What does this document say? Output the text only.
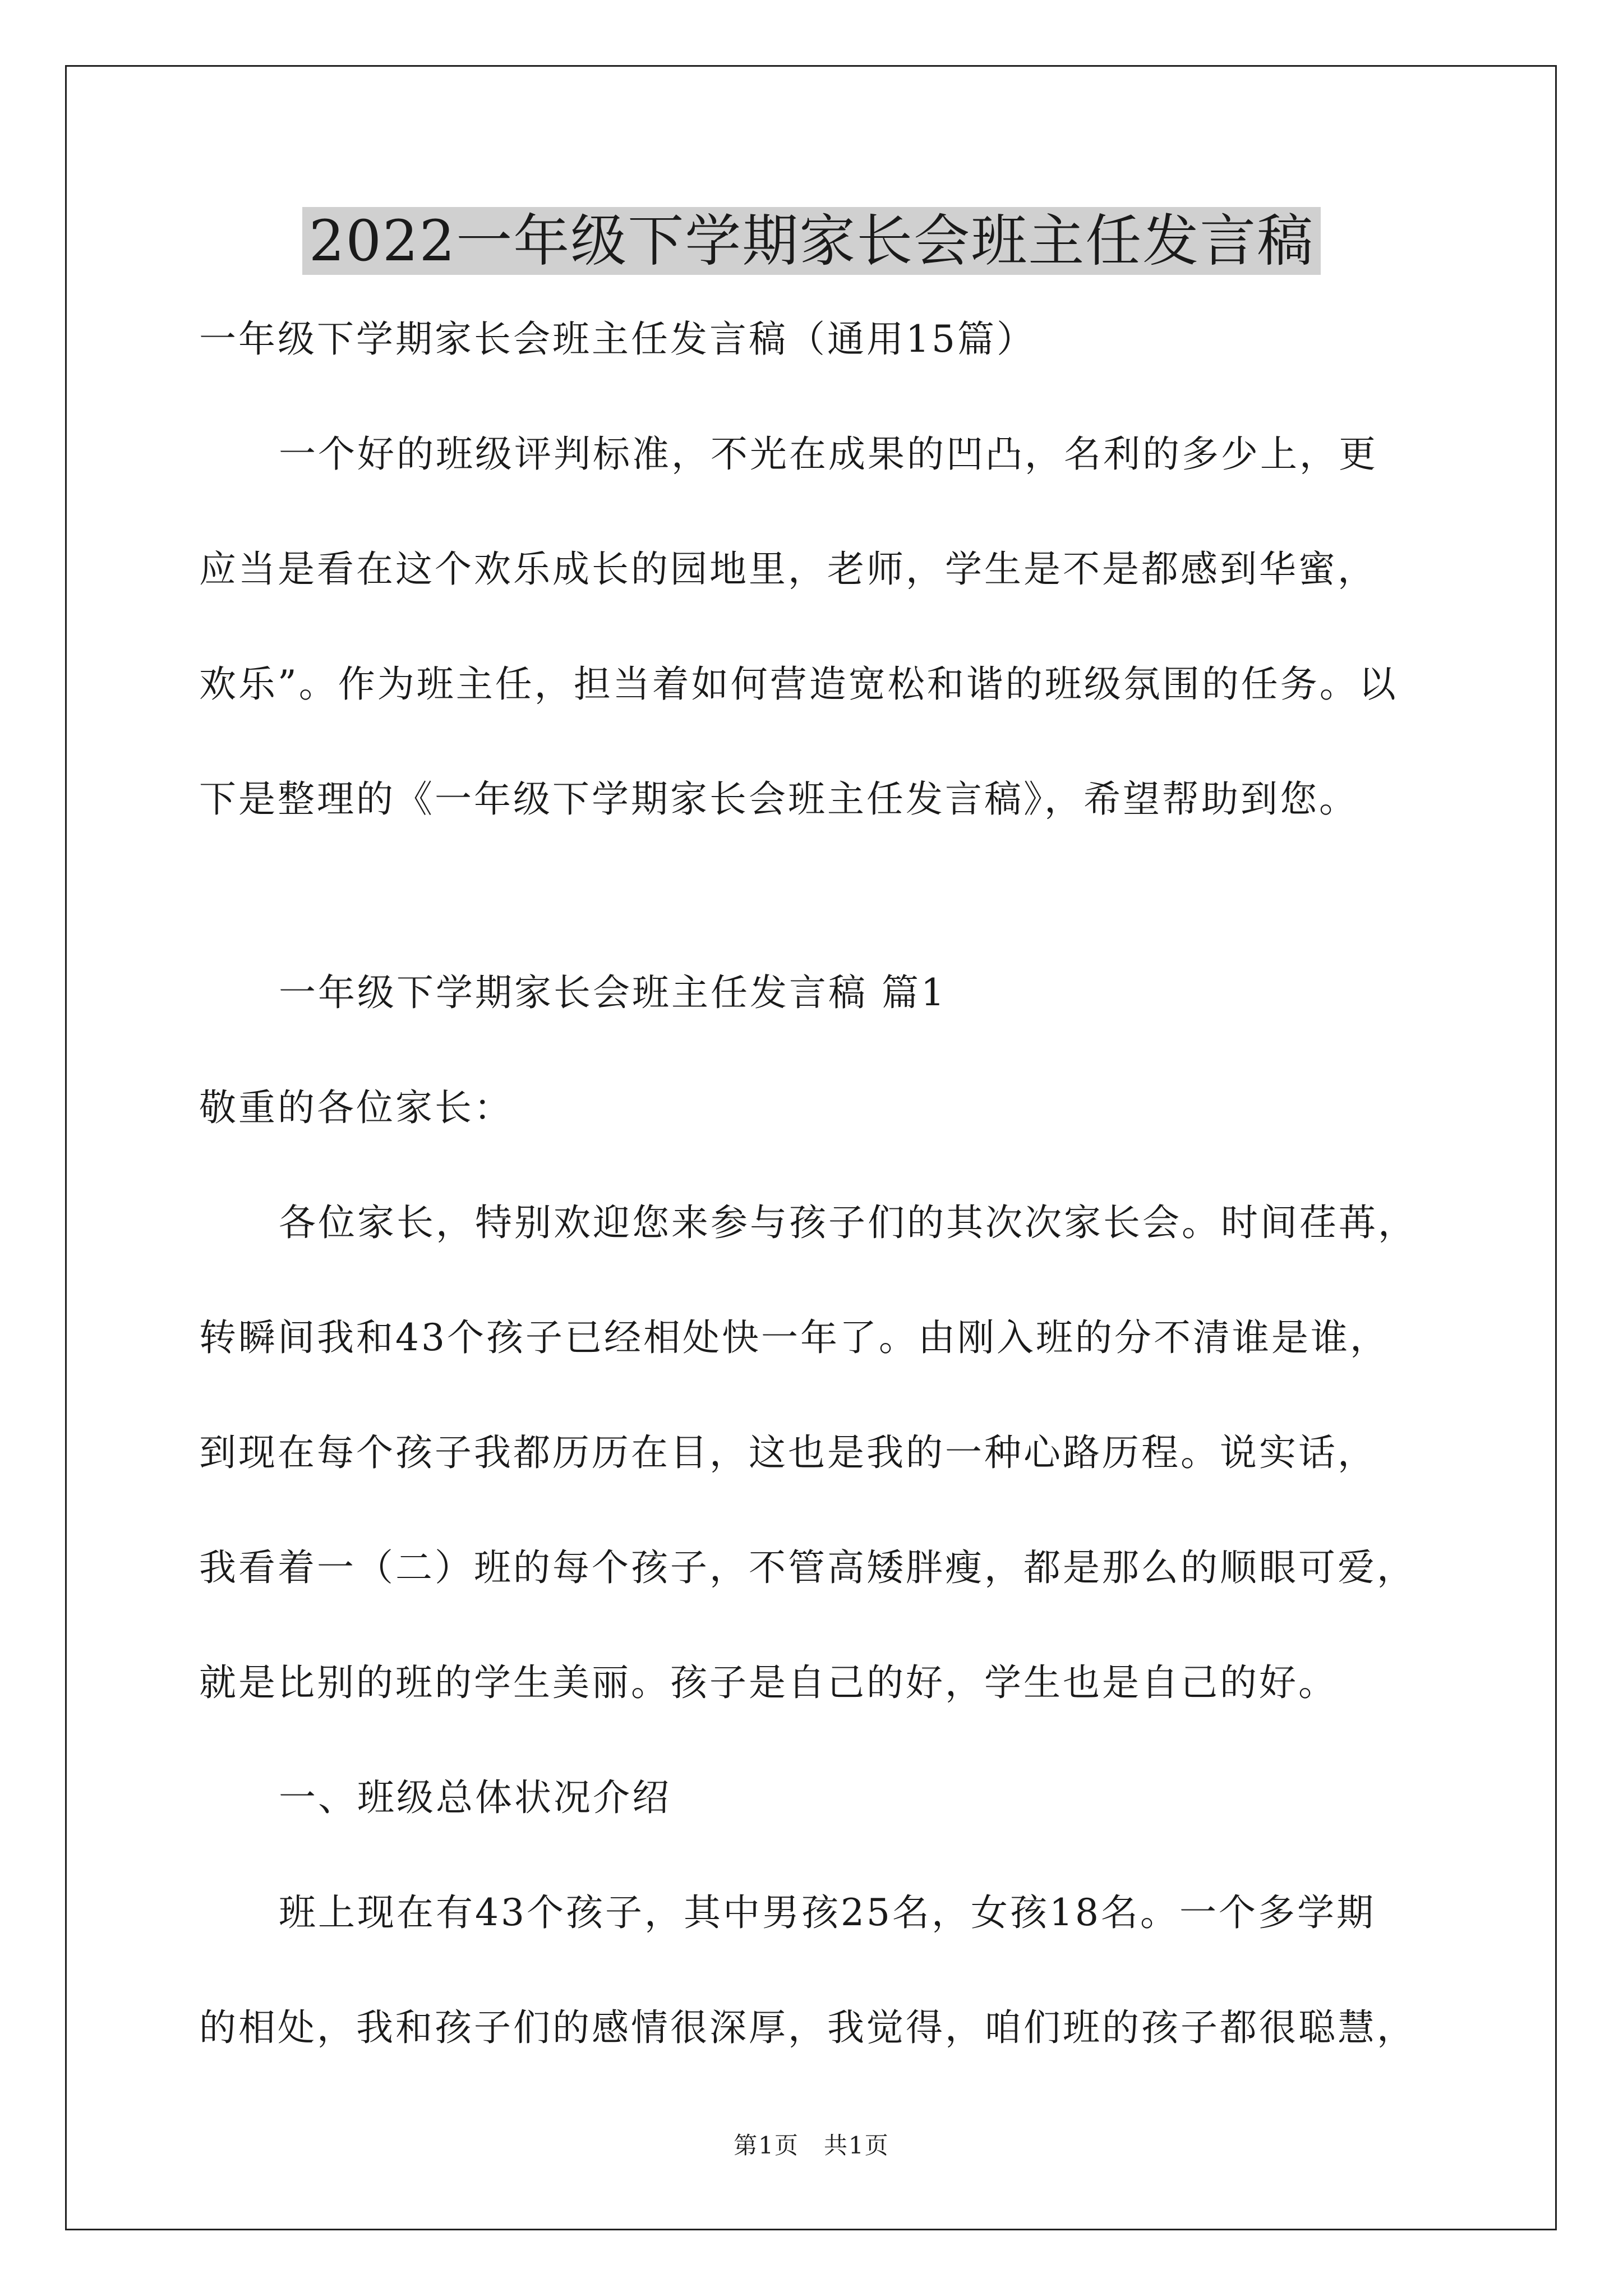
2022一年级下学期家长会班主任发言稿
一年级下学期家长会班主任发言稿（通用15篇）
一个好的班级评判标准，不光在成果的凹凸，名利的多少上，更
应当是看在这个欢乐成长的园地里，老师，学生是不是都感到华蜜，
欢乐”。作为班主任，担当着如何营造宽松和谐的班级氛围的任务。以
下是整理的《一年级下学期家长会班主任发言稿》，希望帮助到您。
一年级下学期家长会班主任发言稿 篇1
敬重的各位家长：
各位家长，特别欢迎您来参与孩子们的其次次家长会。时间荏苒，
转瞬间我和43个孩子已经相处快一年了。由刚入班的分不清谁是谁，
到现在每个孩子我都历历在目，这也是我的一种心路历程。说实话，
我看着一（二）班的每个孩子，不管高矮胖瘦，都是那么的顺眼可爱，
就是比别的班的学生美丽。孩子是自己的好，学生也是自己的好。
一、班级总体状况介绍
班上现在有43个孩子，其中男孩25名，女孩18名。一个多学期
的相处，我和孩子们的感情很深厚，我觉得，咱们班的孩子都很聪慧，
第1页　共1页
